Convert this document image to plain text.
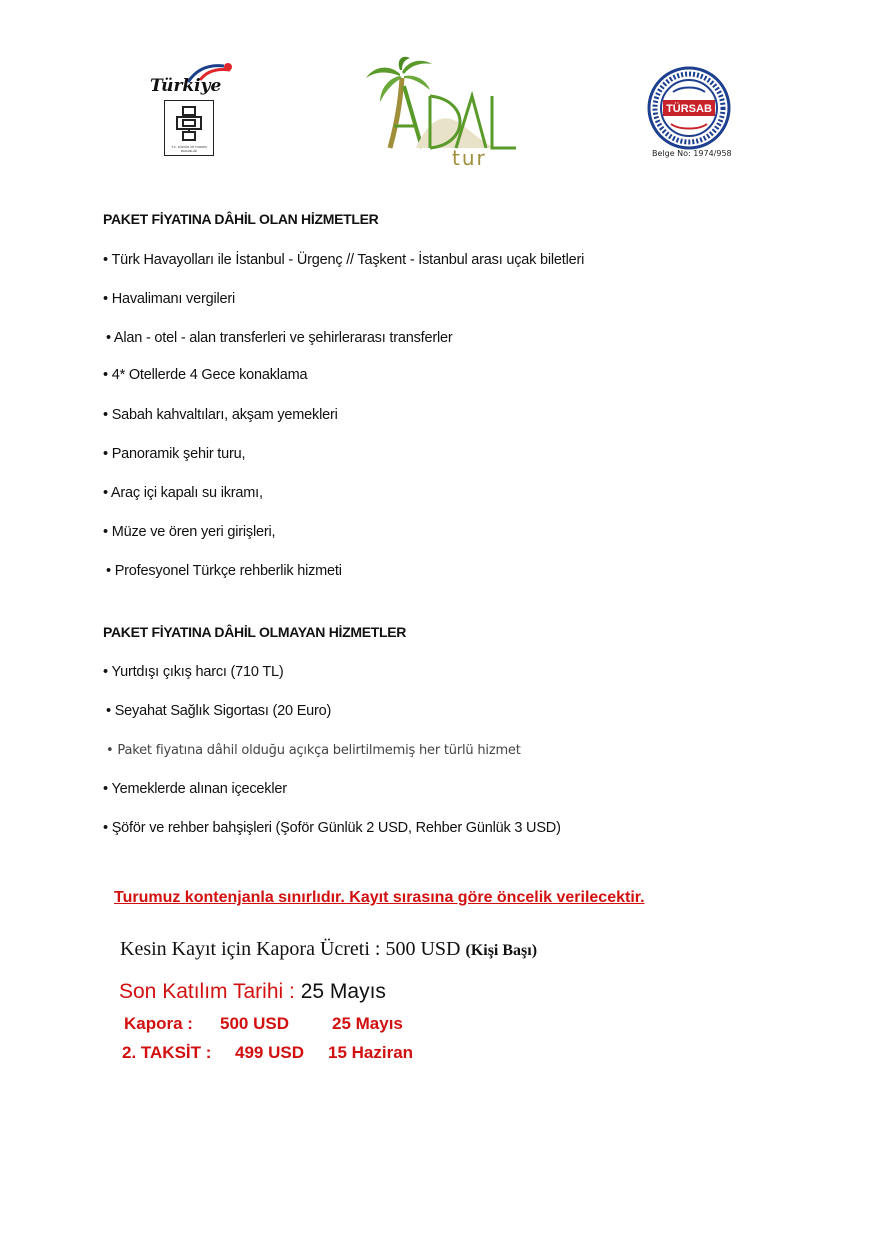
Türkiye
T.C. KÜLTÜR VE TURİZM BAKANLIĞI	tur
TÜRSAB
Belge No: 1974/958
PAKET FİYATINA DÂHİL OLAN HİZMETLER
• Türk Havayolları ile İstanbul - Ürgenç // Taşkent - İstanbul arası uçak biletleri
• Havalimanı vergileri
• Alan - otel - alan transferleri ve şehirlerarası transferler
• 4* Otellerde 4 Gece konaklama
• Sabah kahvaltıları, akşam yemekleri
• Panoramik şehir turu,
• Araç içi kapalı su ikramı,
• Müze ve ören yeri girişleri,
• Profesyonel Türkçe rehberlik hizmeti
PAKET FİYATINA DÂHİL OLMAYAN HİZMETLER
• Yurtdışı çıkış harcı (710 TL)
• Seyahat Sağlık Sigortası (20 Euro)
• Paket fiyatına dâhil olduğu açıkça belirtilmemiş her türlü hizmet
• Yemeklerde alınan içecekler
• Şöför ve rehber bahşişleri (Şoför Günlük 2 USD, Rehber Günlük 3 USD)
Turumuz kontenjanla sınırlıdır. Kayıt sırasına göre öncelik verilecektir.
Kesin Kayıt için Kapora Ücreti : 500 USD (Kişi Başı)
Son Katılım Tarihi : 25 Mayıs
Kapora : 500 USD	25 Mayıs
2. TAKSİT : 499 USD 15 Haziran
